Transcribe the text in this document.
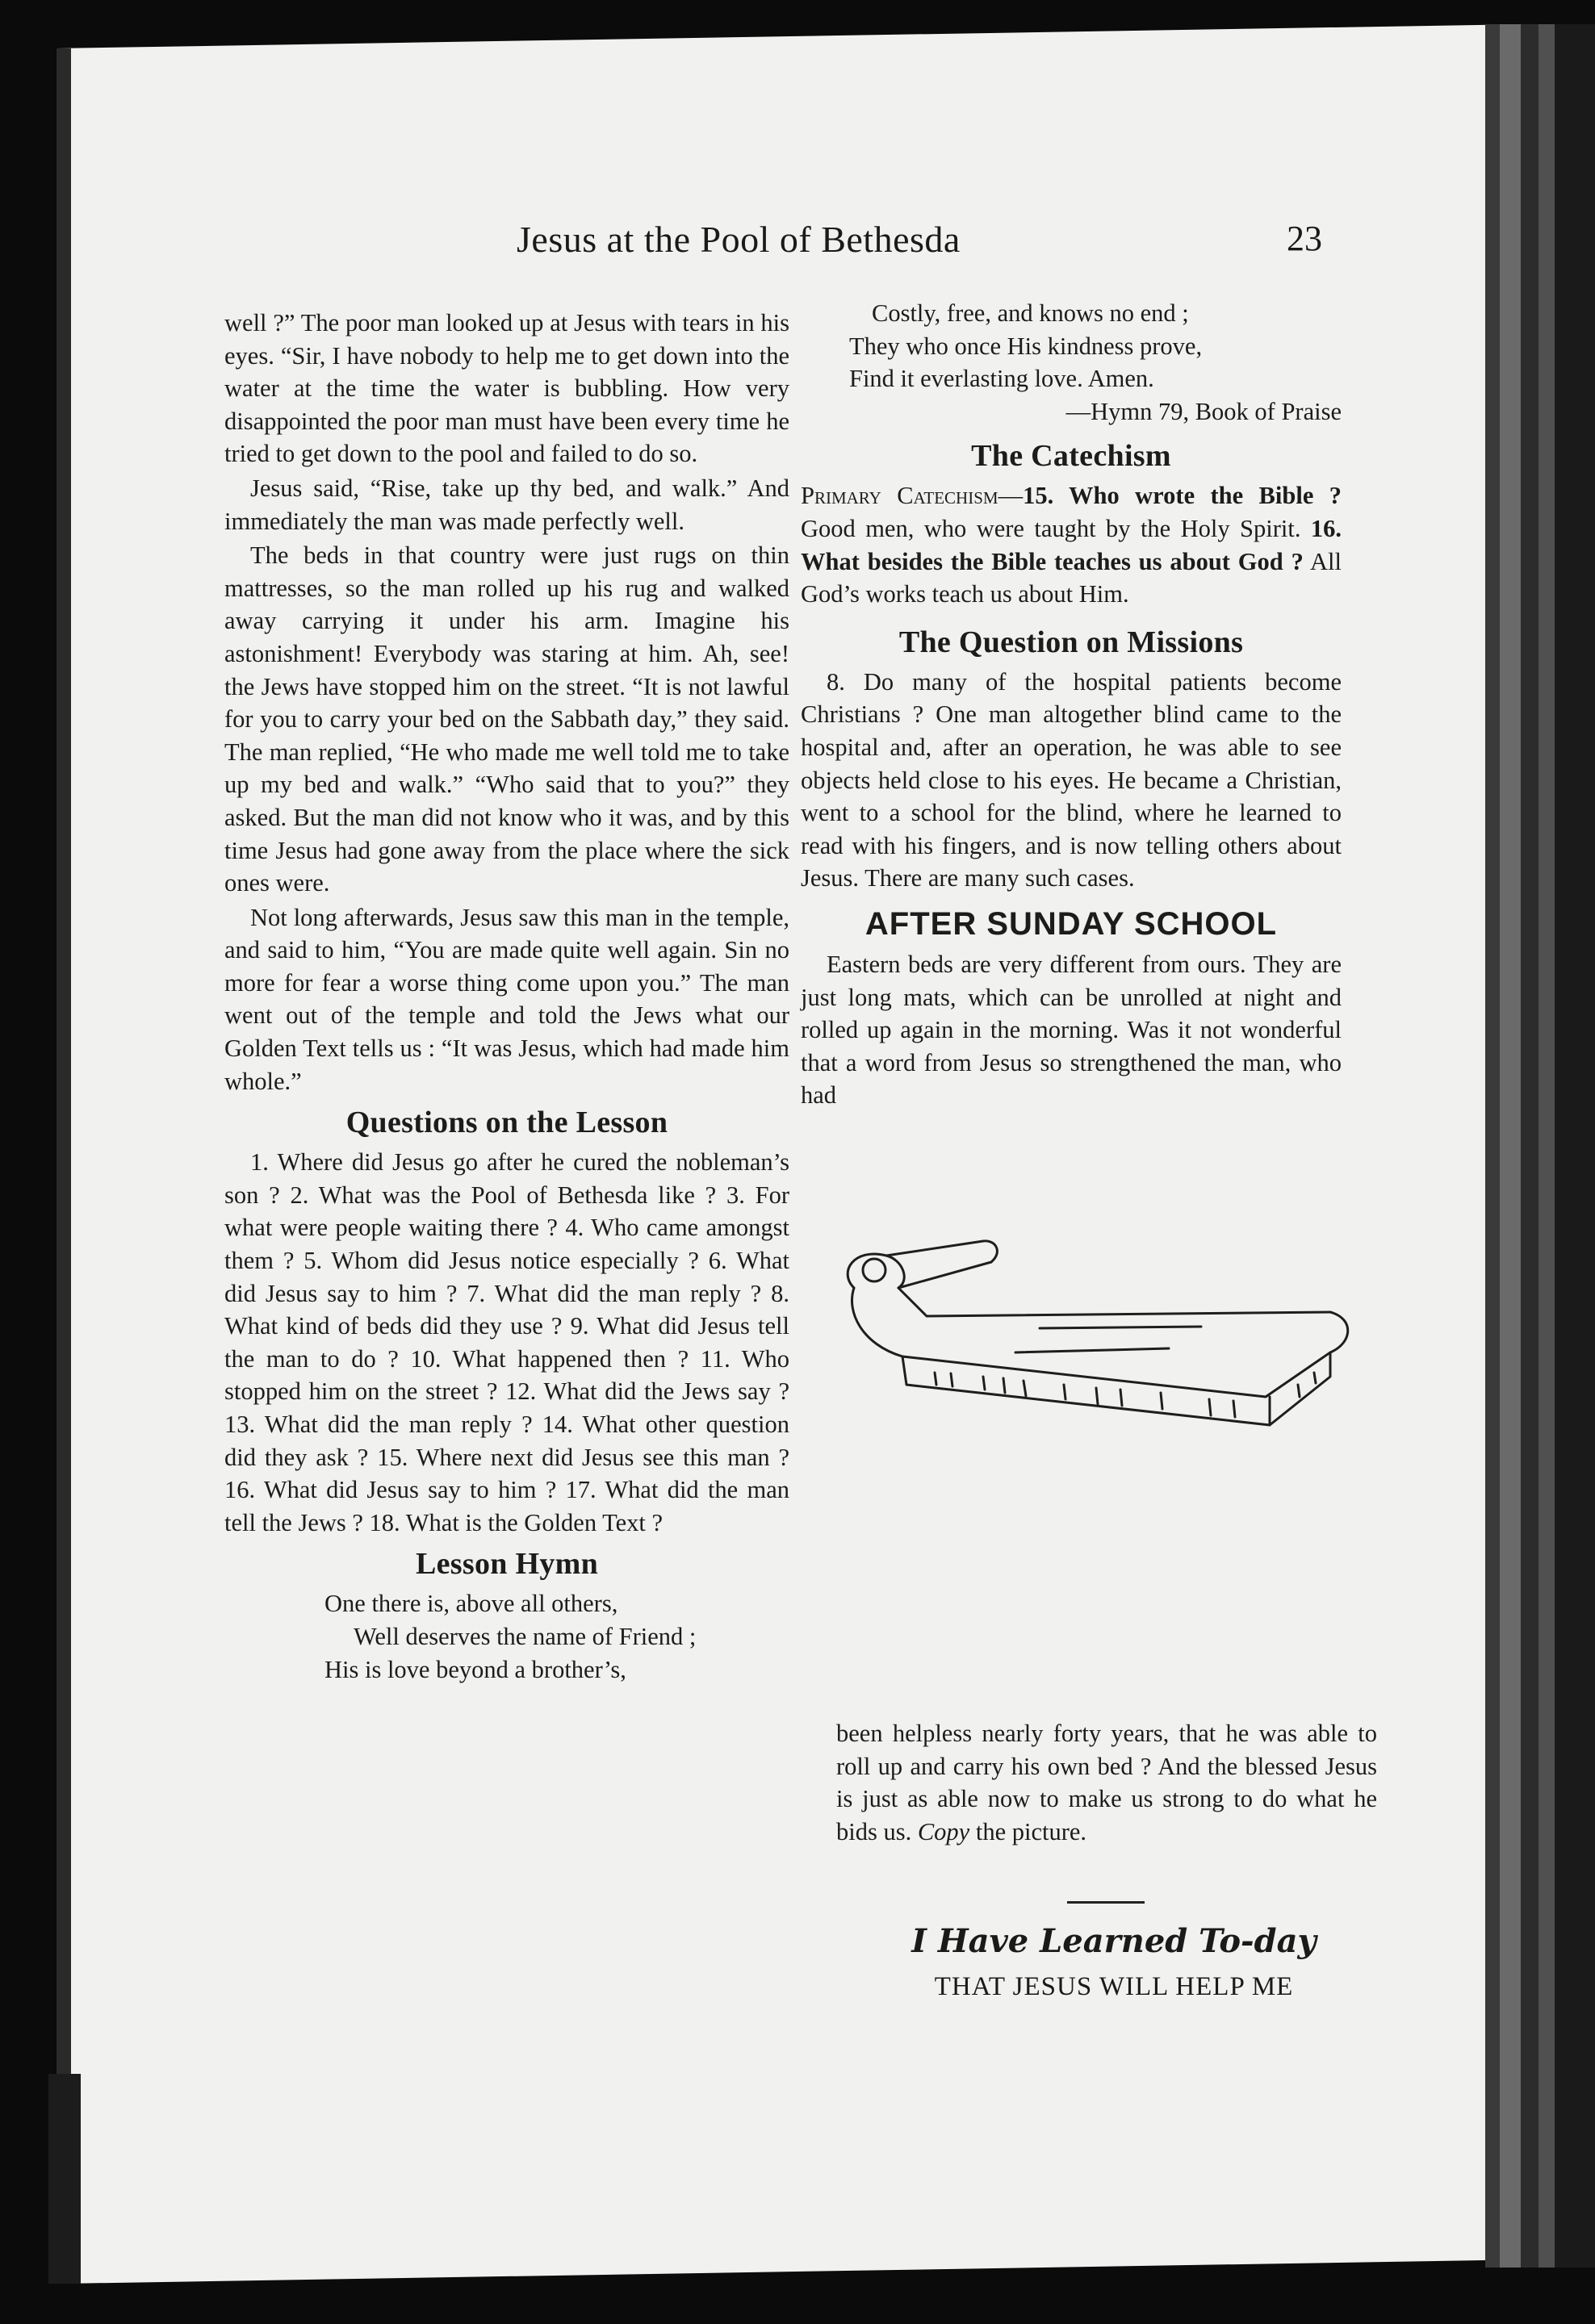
Jesus at the Pool of Bethesda	23

well ?” The poor man looked up at Jesus with tears in his eyes. “Sir, I have nobody to help me to get down into the water at the time the water is bubbling. How very disappointed the poor man must have been every time he tried to get down to the pool and failed to do so.

Jesus said, “Rise, take up thy bed, and walk.” And immediately the man was made perfectly well.

The beds in that country were just rugs on thin mattresses, so the man rolled up his rug and walked away carrying it under his arm. Imagine his astonishment! Everybody was staring at him. Ah, see! the Jews have stopped him on the street. “It is not lawful for you to carry your bed on the Sabbath day,” they said. The man replied, “He who made me well told me to take up my bed and walk.” “Who said that to you?” they asked. But the man did not know who it was, and by this time Jesus had gone away from the place where the sick ones were.

Not long afterwards, Jesus saw this man in the temple, and said to him, “You are made quite well again. Sin no more for fear a worse thing come upon you.” The man went out of the temple and told the Jews what our Golden Text tells us : “It was Jesus, which had made him whole.”

Questions on the Lesson

1. Where did Jesus go after he cured the nobleman’s son ? 2. What was the Pool of Bethesda like ? 3. For what were people waiting there ? 4. Who came amongst them ? 5. Whom did Jesus notice especially ? 6. What did Jesus say to him ? 7. What did the man reply ? 8. What kind of beds did they use ? 9. What did Jesus tell the man to do ? 10. What happened then ? 11. Who stopped him on the street ? 12. What did the Jews say ? 13. What did the man reply ? 14. What other question did they ask ? 15. Where next did Jesus see this man ? 16. What did Jesus say to him ? 17. What did the man tell the Jews ? 18. What is the Golden Text ?

Lesson Hymn

One there is, above all others,

Well deserves the name of Friend ;

His is love beyond a brother’s,

Costly, free, and knows no end ;

They who once His kindness prove,

Find it everlasting love. Amen.

—Hymn 79, Book of Praise

The Catechism

Primary Catechism—15. Who wrote the Bible ? Good men, who were taught by the Holy Spirit. 16. What besides the Bible teaches us about God ? All God’s works teach us about Him.

The Question on Missions

8. Do many of the hospital patients become Christians ? One man altogether blind came to the hospital and, after an operation, he was able to see objects held close to his eyes. He became a Christian, went to a school for the blind, where he learned to read with his fingers, and is now telling others about Jesus. There are many such cases.

AFTER SUNDAY SCHOOL

Eastern beds are very different from ours. They are just long mats, which can be unrolled at night and rolled up again in the morning. Was it not wonderful that a word from Jesus so strengthened the man, who had

been helpless nearly forty years, that he was able to roll up and carry his own bed ? And the blessed Jesus is just as able now to make us strong to do what he bids us. Copy the picture.

I Have Learned To-day
THAT JESUS WILL HELP ME
